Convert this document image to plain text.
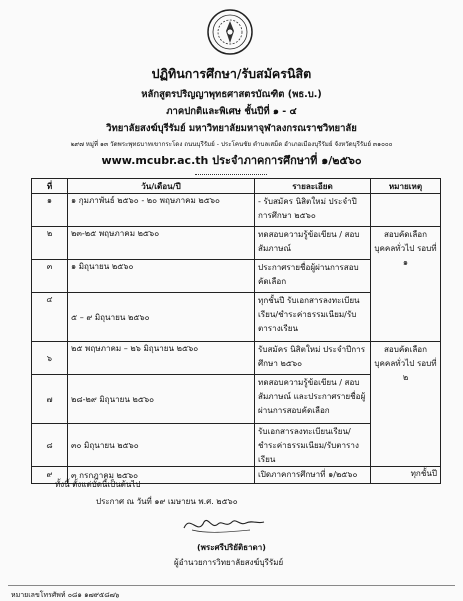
ปฏิทินการศึกษา/รับสมัครนิสิต
หลักสูตรปริญญาพุทธศาสตรบัณฑิต (พธ.บ.)
ภาคปกติและพิเศษ ชั้นปีที่ ๑ - ๔
วิทยาลัยสงฆ์บุรีรัมย์ มหาวิทยาลัยมหาจุฬาลงกรณราชวิทยาลัย
๒๙๗ หมู่ที่ ๑๓ วัดพระพุทธบาทเขากระโดง ถนนบุรีรัมย์ - ประโคนชัย ตำบลเสม็ด อำเภอเมืองบุรีรัมย์ จังหวัดบุรีรัมย์ ๓๑๐๐๐
www.mcubr.ac.th ประจำภาคการศึกษาที่ ๑/๒๕๖๐
ที่	วัน/เดือน/ปี	รายละเอียด	หมายเหตุ
๑	๑ กุมภาพันธ์ ๒๕๖๐ - ๒๐ พฤษภาคม ๒๕๖๐	- รับสมัคร นิสิตใหม่ ประจำปีการศึกษา ๒๕๖๐	
๒	๒๓-๒๕ พฤษภาคม ๒๕๖๐	ทดสอบความรู้ข้อเขียน / สอบสัมภาษณ์	สอบคัดเลือก บุคคลทั่วไป รอบที่ ๑
๓	๑ มิถุนายน ๒๕๖๐	ประกาศรายชื่อผู้ผ่านการสอบคัดเลือก	
๔	๕ – ๙ มิถุนายน ๒๕๖๐	ทุกชั้นปี รับเอกสารลงทะเบียนเรียน/ชำระค่าธรรมเนียม/รับตารางเรียน	
๖	๒๕ พฤษภาคม – ๒๖ มิถุนายน ๒๕๖๐	รับสมัคร นิสิตใหม่ ประจำปีการศึกษา ๒๕๖๐	สอบคัดเลือก บุคคลทั่วไป รอบที่ ๒
๗	๒๘-๒๙ มิถุนายน ๒๕๖๐	ทดสอบความรู้ข้อเขียน / สอบสัมภาษณ์ และประกาศรายชื่อผู้ผ่านการสอบคัดเลือก	
๘	๓๐ มิถุนายน ๒๕๖๐	รับเอกสารลงทะเบียนเรียน/ชำระค่าธรรมเนียม/รับตารางเรียน	
๙	๓ กรกฎาคม ๒๕๖๐	เปิดภาคการศึกษาที่ ๑/๒๕๖๐	ทุกชั้นปี
ทั้งนี้ ตั้งแต่บัดนี้เป็นต้นไป
ประกาศ ณ วันที่ ๑๙ เมษายน พ.ศ. ๒๕๖๐
(พระศรีปริยัติธาดา)
ผู้อำนวยการวิทยาลัยสงฆ์บุรีรัมย์
หมายเลขโทรศัพท์ ๐๘๑ ๑๗๙๕๘๗๖
